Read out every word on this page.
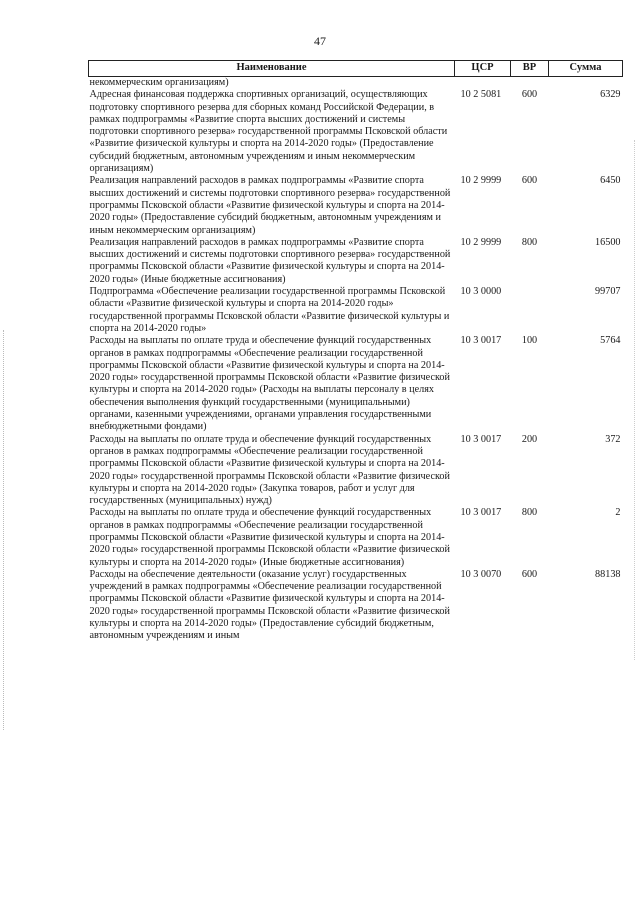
47
Наименование	ЦСР	ВР	Сумма
некоммерческим организациям)			
Адресная финансовая поддержка спортивных организаций, осуществляющих подготовку спортивного резерва для сборных команд Российской Федерации, в рамках подпрограммы «Развитие спорта высших достижений и системы подготовки спортивного резерва» государственной программы Псковской области «Развитие физической культуры и спорта на 2014-2020 годы» (Предоставление субсидий бюджетным, автономным учреждениям и иным некоммерческим организациям)	10 2 5081	600	6329
Реализация направлений расходов в рамках подпрограммы «Развитие спорта высших достижений и системы подготовки спортивного резерва» государственной программы Псковской области «Развитие физической культуры и спорта на 2014-2020 годы» (Предоставление субсидий бюджетным, автономным учреждениям и иным некоммерческим организациям)	10 2 9999	600	6450
Реализация направлений расходов в рамках подпрограммы «Развитие спорта высших достижений и системы подготовки спортивного резерва» государственной программы Псковской области «Развитие физической культуры и спорта на 2014-2020 годы» (Иные бюджетные ассигнования)	10 2 9999	800	16500
Подпрограмма «Обеспечение реализации государственной программы Псковской области «Развитие физической культуры и спорта на 2014-2020 годы» государственной программы Псковской области «Развитие физической культуры и спорта на 2014-2020 годы»	10 3 0000		99707
Расходы на выплаты по оплате труда и обеспечение функций государственных органов в рамках подпрограммы «Обеспечение реализации государственной программы Псковской области «Развитие физической культуры и спорта на 2014-2020 годы» государственной программы Псковской области «Развитие физической культуры и спорта на 2014-2020 годы» (Расходы на выплаты персоналу в целях обеспечения выполнения функций государственными (муниципальными) органами, казенными учреждениями, органами управления государственными внебюджетными фондами)	10 3 0017	100	5764
Расходы на выплаты по оплате труда и обеспечение функций государственных органов в рамках подпрограммы «Обеспечение реализации государственной программы Псковской области «Развитие физической культуры и спорта на 2014-2020 годы» государственной программы Псковской области «Развитие физической культуры и спорта на 2014-2020 годы» (Закупка товаров, работ и услуг для государственных (муниципальных) нужд)	10 3 0017	200	372
Расходы на выплаты по оплате труда и обеспечение функций государственных органов в рамках подпрограммы «Обеспечение реализации государственной программы Псковской области «Развитие физической культуры и спорта на 2014-2020 годы» государственной программы Псковской области «Развитие физической культуры и спорта на 2014-2020 годы» (Иные бюджетные ассигнования)	10 3 0017	800	2
Расходы на обеспечение деятельности (оказание услуг) государственных учреждений в рамках подпрограммы «Обеспечение реализации государственной программы Псковской области «Развитие физической культуры и спорта на 2014-2020 годы» государственной программы Псковской области «Развитие физической культуры и спорта на 2014-2020 годы» (Предоставление субсидий бюджетным, автономным учреждениям и иным	10 3 0070	600	88138
